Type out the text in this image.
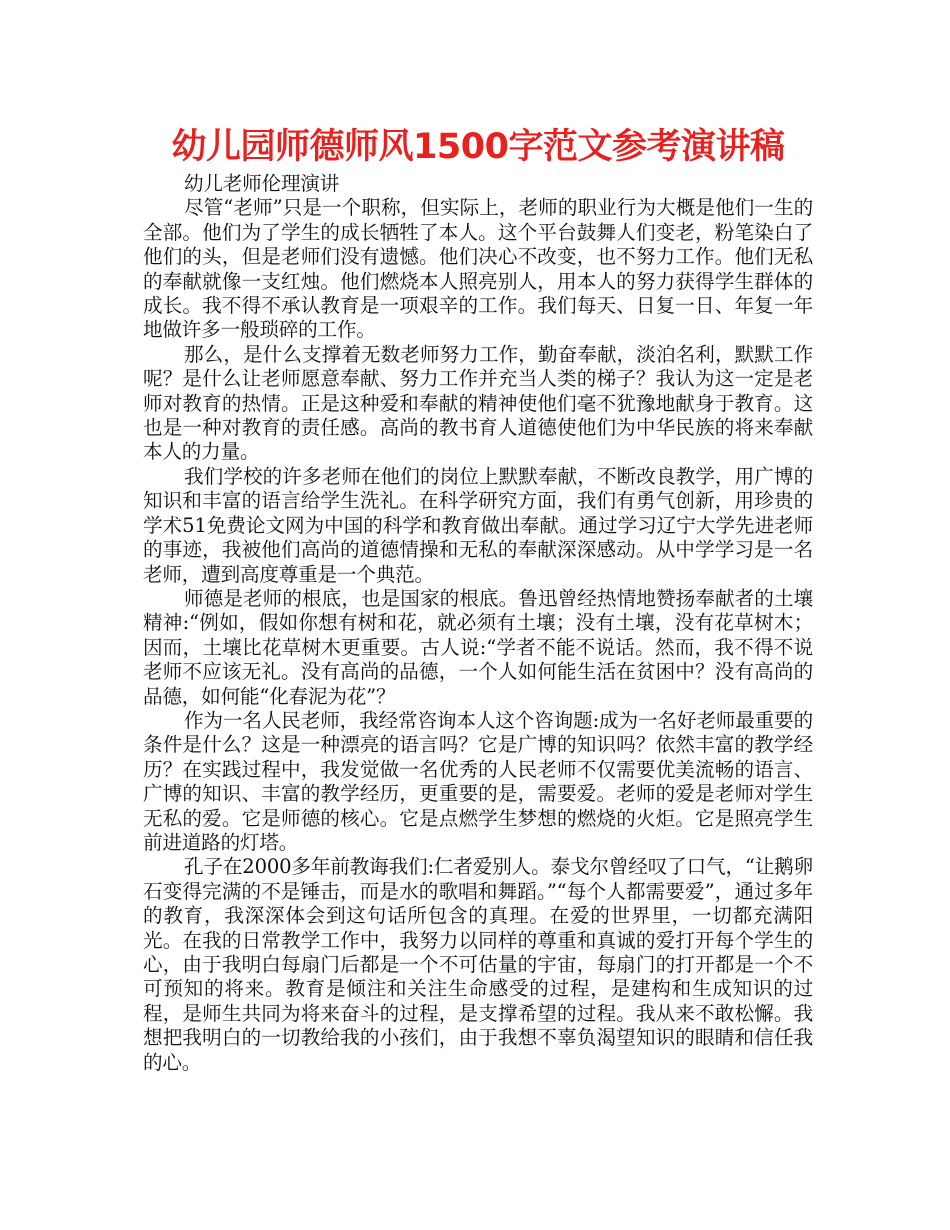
幼儿园师德师风1500字范文参考演讲稿

幼儿老师伦理演讲

尽管“老师”只是一个职称，但实际上，老师的职业行为大概是他们一生的全部。他们为了学生的成长牺牲了本人。这个平台鼓舞人们变老，粉笔染白了他们的头，但是老师们没有遗憾。他们决心不改变，也不努力工作。他们无私的奉献就像一支红烛。他们燃烧本人照亮别人，用本人的努力获得学生群体的成长。我不得不承认教育是一项艰辛的工作。我们每天、日复一日、年复一年地做许多一般琐碎的工作。

那么，是什么支撑着无数老师努力工作，勤奋奉献，淡泊名利，默默工作呢？是什么让老师愿意奉献、努力工作并充当人类的梯子？我认为这一定是老师对教育的热情。正是这种爱和奉献的精神使他们毫不犹豫地献身于教育。这也是一种对教育的责任感。高尚的教书育人道德使他们为中华民族的将来奉献本人的力量。

我们学校的许多老师在他们的岗位上默默奉献，不断改良教学，用广博的知识和丰富的语言给学生洗礼。在科学研究方面，我们有勇气创新，用珍贵的学术51免费论文网为中国的科学和教育做出奉献。通过学习辽宁大学先进老师的事迹，我被他们高尚的道德情操和无私的奉献深深感动。从中学学习是一名老师，遭到高度尊重是一个典范。

师德是老师的根底，也是国家的根底。鲁迅曾经热情地赞扬奉献者的土壤精神:“例如，假如你想有树和花，就必须有土壤；没有土壤，没有花草树木；因而，土壤比花草树木更重要。古人说:“学者不能不说话。然而，我不得不说老师不应该无礼。没有高尚的品德，一个人如何能生活在贫困中？没有高尚的品德，如何能“化春泥为花”？

作为一名人民老师，我经常咨询本人这个咨询题:成为一名好老师最重要的条件是什么？这是一种漂亮的语言吗？它是广博的知识吗？依然丰富的教学经历？在实践过程中，我发觉做一名优秀的人民老师不仅需要优美流畅的语言、广博的知识、丰富的教学经历，更重要的是，需要爱。老师的爱是老师对学生无私的爱。它是师德的核心。它是点燃学生梦想的燃烧的火炬。它是照亮学生前进道路的灯塔。

孔子在2000多年前教诲我们:仁者爱别人。泰戈尔曾经叹了口气，“让鹅卵石变得完满的不是锤击，而是水的歌唱和舞蹈。”“每个人都需要爱”，通过多年的教育，我深深体会到这句话所包含的真理。在爱的世界里，一切都充满阳光。在我的日常教学工作中，我努力以同样的尊重和真诚的爱打开每个学生的心，由于我明白每扇门后都是一个不可估量的宇宙，每扇门的打开都是一个不可预知的将来。教育是倾注和关注生命感受的过程，是建构和生成知识的过程，是师生共同为将来奋斗的过程，是支撑希望的过程。我从来不敢松懈。我想把我明白的一切教给我的小孩们，由于我想不辜负渴望知识的眼睛和信任我的心。
